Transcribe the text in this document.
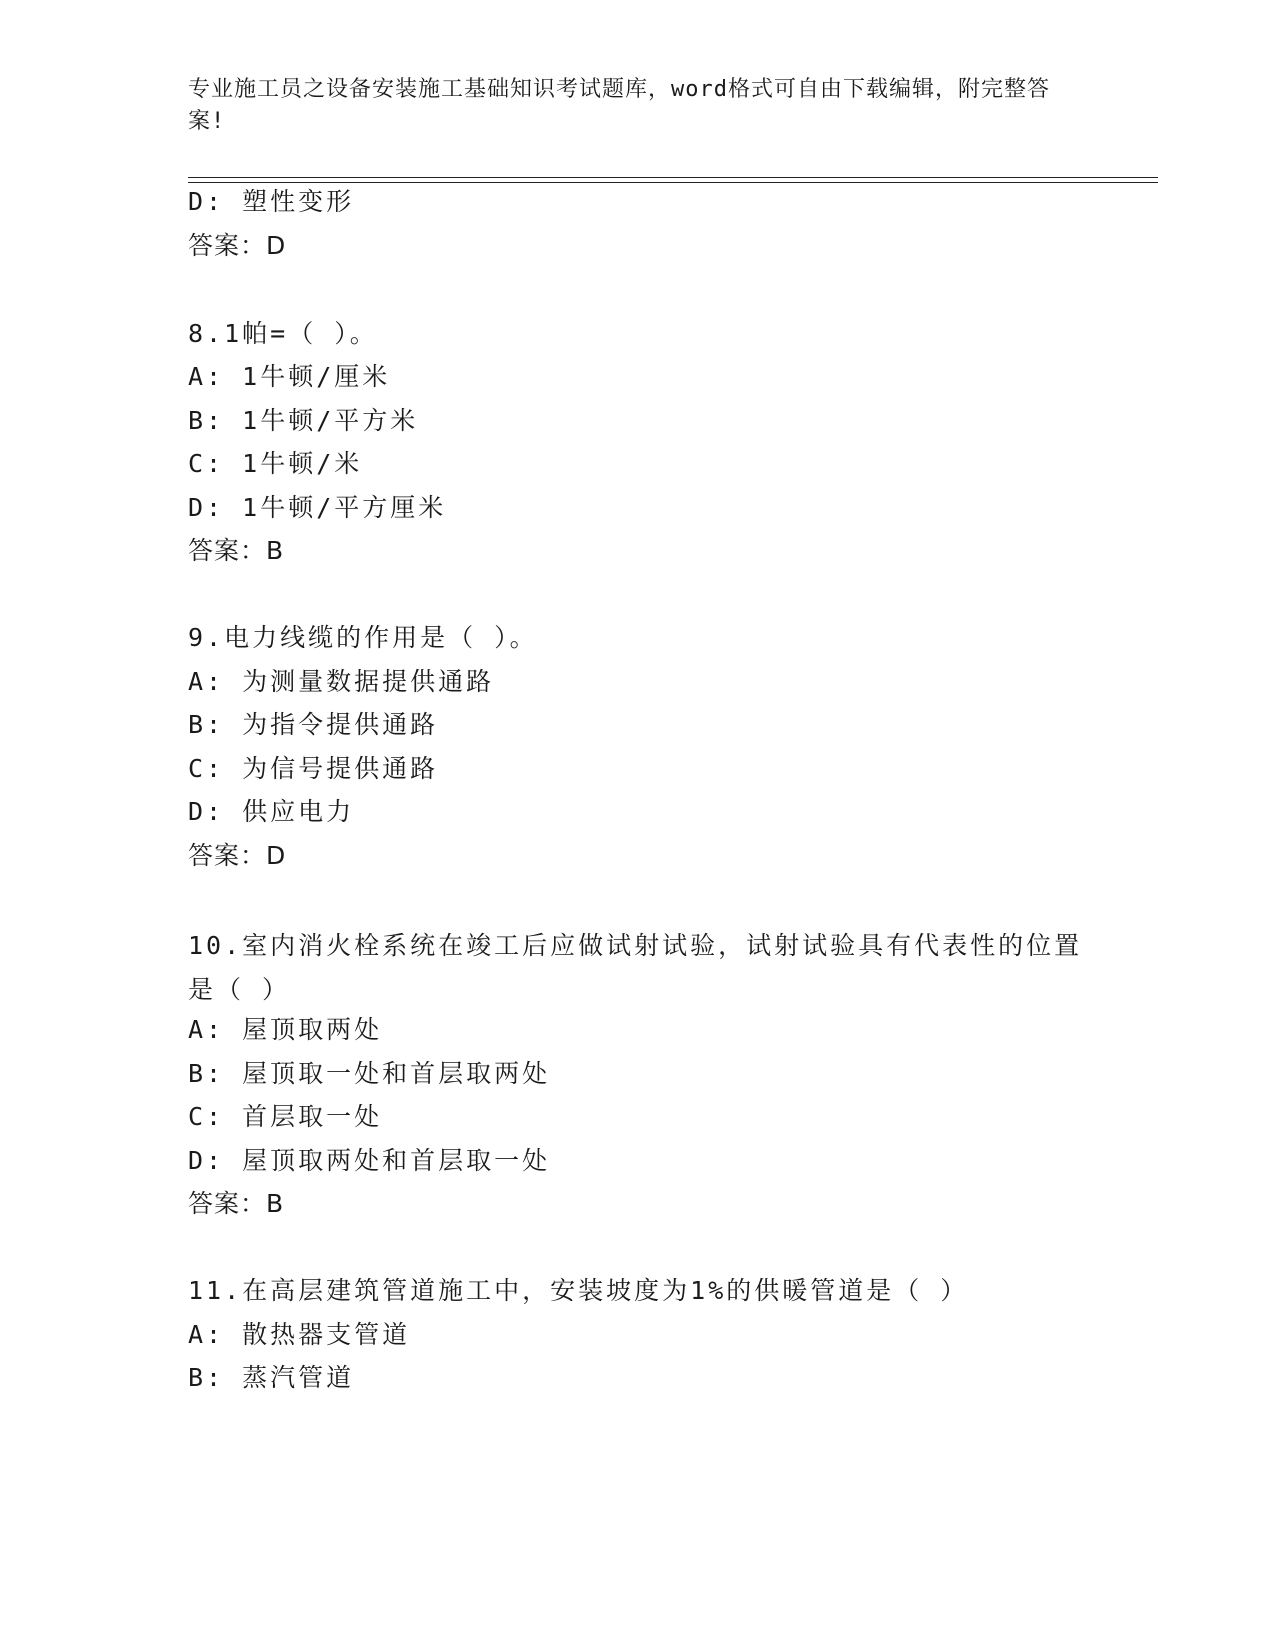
专业施工员之设备安装施工基础知识考试题库，word格式可自由下载编辑，附完整答案!
D: 塑性变形
答案：D
8.1帕=（ ）。
A: 1牛顿/厘米
B: 1牛顿/平方米
C: 1牛顿/米
D: 1牛顿/平方厘米
答案：B
9.电力线缆的作用是（ ）。
A: 为测量数据提供通路
B: 为指令提供通路
C: 为信号提供通路
D: 供应电力
答案：D
10.室内消火栓系统在竣工后应做试射试验，试射试验具有代表性的位置是（ ）
A: 屋顶取两处
B: 屋顶取一处和首层取两处
C: 首层取一处
D: 屋顶取两处和首层取一处
答案：B
11.在高层建筑管道施工中，安装坡度为1%的供暖管道是（ ）
A: 散热器支管道
B: 蒸汽管道
